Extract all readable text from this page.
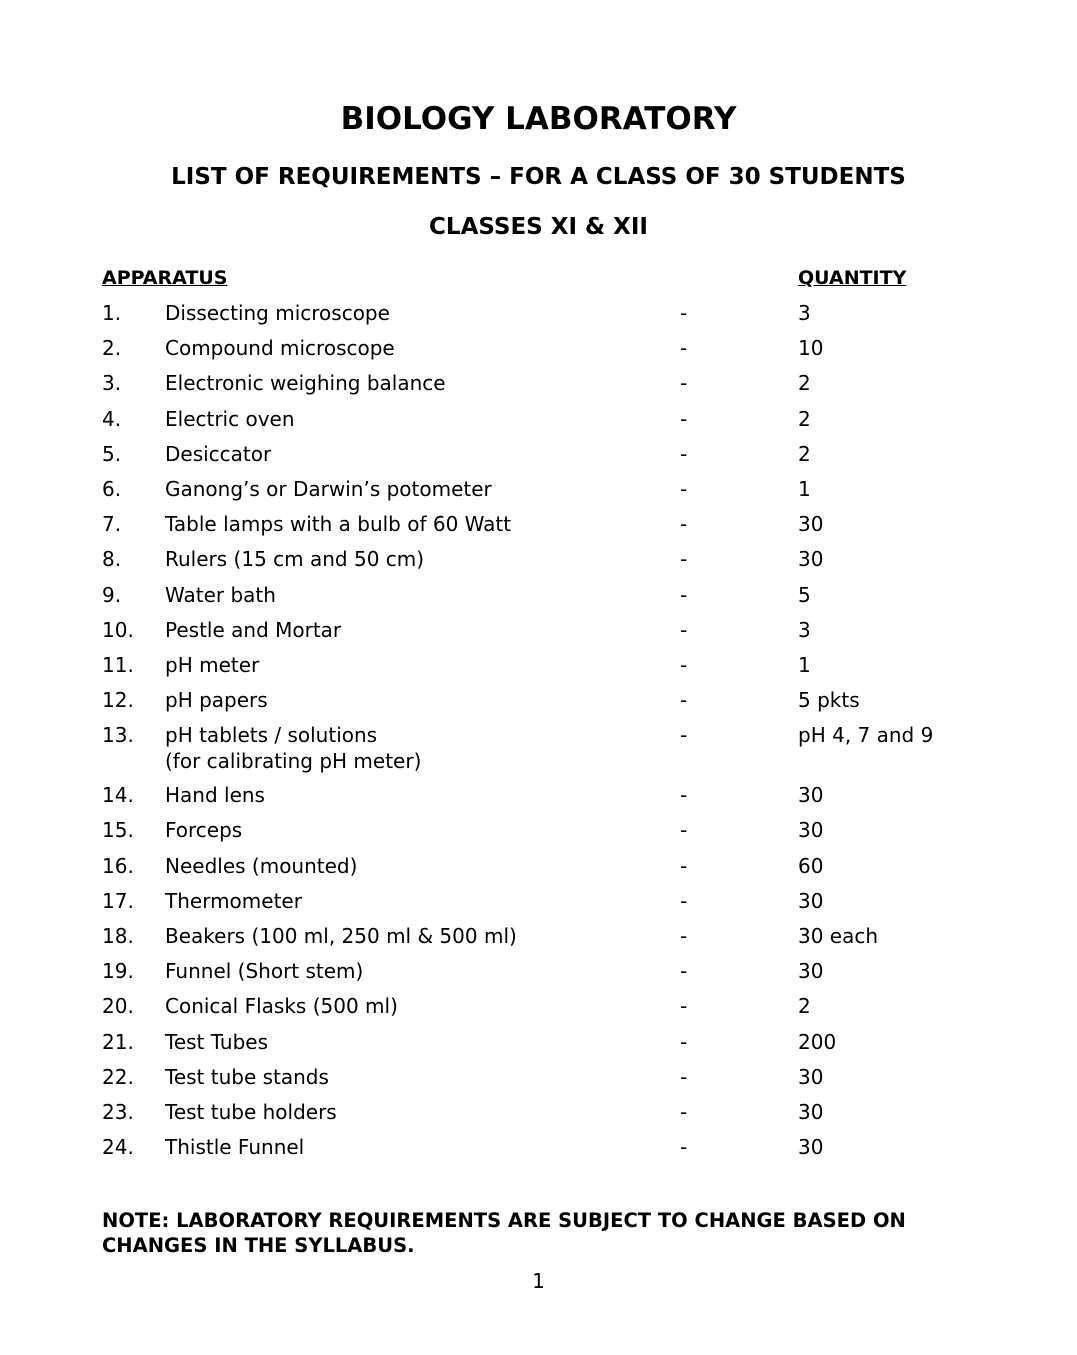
BIOLOGY LABORATORY
LIST OF REQUIREMENTS – FOR A CLASS OF 30 STUDENTS
CLASSES XI & XII
APPARATUS	QUANTITY
1. Dissecting microscope	-	3
2. Compound microscope	-	10
3. Electronic weighing balance	-	2
4. Electric oven	-	2
5. Desiccator	-	2
6. Ganong’s or Darwin’s potometer	-	1
7. Table lamps with a bulb of 60 Watt	-	30
8. Rulers (15 cm and 50 cm)	-	30
9. Water bath	-	5
10. Pestle and Mortar	-	3
11. pH meter	-	1
12. pH papers	-	5 pkts
13. pH tablets / solutions
(for calibrating pH meter)
-	pH 4, 7 and 9
14. Hand lens	-	30
15. Forceps	-	30
16. Needles (mounted)	-	60
17. Thermometer	-	30
18. Beakers (100 ml, 250 ml & 500 ml)	-	30 each
19. Funnel (Short stem)	-	30
20. Conical Flasks (500 ml)	-	2
21. Test Tubes	-	200
22. Test tube stands	-	30
23. Test tube holders	-	30
24. Thistle Funnel	-	30

NOTE: LABORATORY REQUIREMENTS ARE SUBJECT TO CHANGE BASED ON
CHANGES IN THE SYLLABUS.

1
